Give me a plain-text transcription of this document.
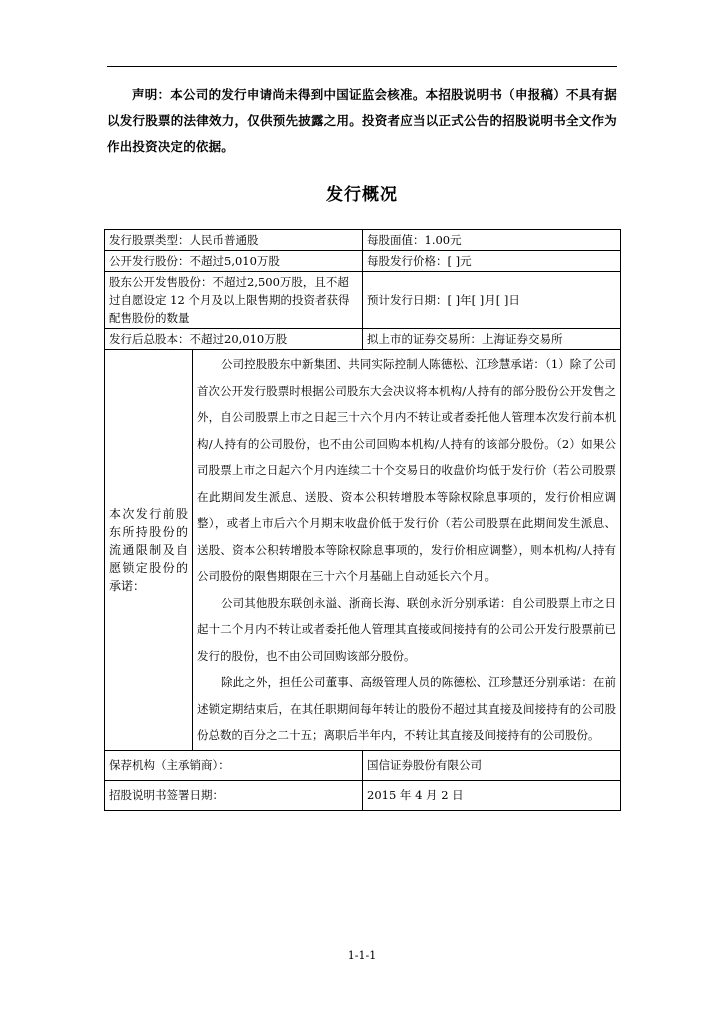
声明：本公司的发行申请尚未得到中国证监会核准。本招股说明书（申报稿）不具有据以发行股票的法律效力，仅供预先披露之用。投资者应当以正式公告的招股说明书全文作为作出投资决定的依据。
发行概况
发行股票类型：人民币普通股		每股面值：1.00元
公开发行股份：不超过5,010万股		每股发行价格：[ ]元
股东公开发售股份：不超过2,500万股，且不超过自愿设定 12 个月及以上限售期的投资者获得配售股份的数量		预计发行日期：[ ]年[ ]月[ ]日
发行后总股本：不超过20,010万股		拟上市的证券交易所：上海证券交易所
本次发行前股东所持股份的流通限制及自愿锁定股份的承诺：	公司控股股东中新集团、共同实际控制人陈德松、江珍慧承诺：（1）除了公司首次公开发行股票时根据公司股东大会决议将本机构/人持有的部分股份公开发售之外，自公司股票上市之日起三十六个月内不转让或者委托他人管理本次发行前本机构/人持有的公司股份，也不由公司回购本机构/人持有的该部分股份。（2）如果公司股票上市之日起六个月内连续二十个交易日的收盘价均低于发行价（若公司股票在此期间发生派息、送股、资本公积转增股本等除权除息事项的，发行价相应调整），或者上市后六个月期末收盘价低于发行价（若公司股票在此期间发生派息、送股、资本公积转增股本等除权除息事项的，发行价相应调整），则本机构/人持有公司股份的限售期限在三十六个月基础上自动延长六个月。

公司其他股东联创永溢、浙商长海、联创永沂分别承诺：自公司股票上市之日起十二个月内不转让或者委托他人管理其直接或间接持有的公司公开发行股票前已发行的股份，也不由公司回购该部分股份。

除此之外，担任公司董事、高级管理人员的陈德松、江珍慧还分别承诺：在前述锁定期结束后，在其任职期间每年转让的股份不超过其直接及间接持有的公司股份总数的百分之二十五；离职后半年内，不转让其直接及间接持有的公司股份。	

保荐机构（主承销商）：		国信证券股份有限公司
招股说明书签署日期：		2015 年 4 月 2 日
1-1-1
